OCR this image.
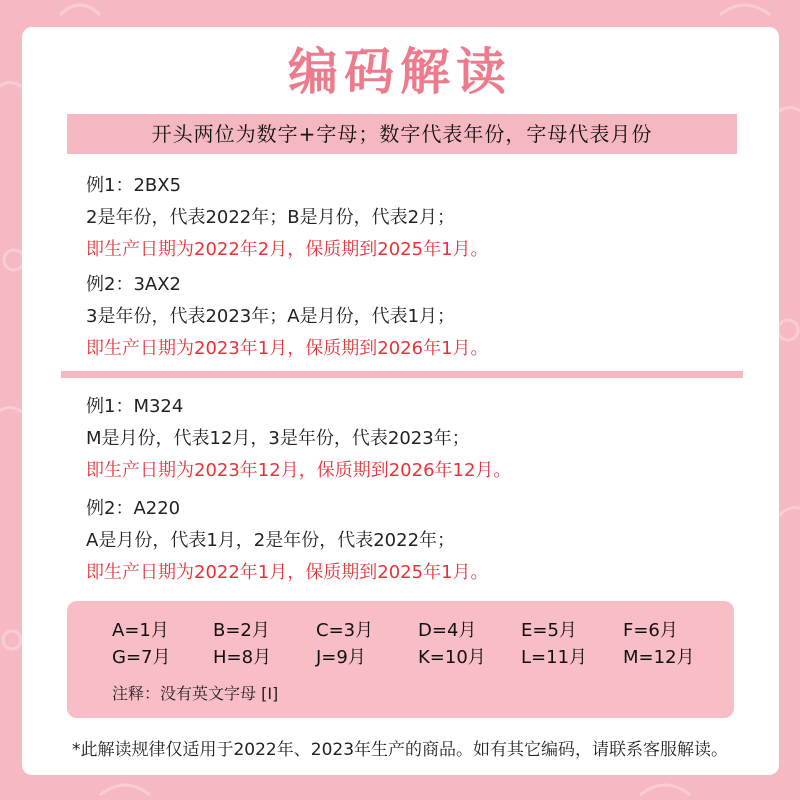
编码解读
开头两位为数字+字母；数字代表年份，字母代表月份
例1：2BX5
2是年份，代表2022年；B是月份，代表2月；
即生产日期为2022年2月，保质期到2025年1月。
例2：3AX2
3是年份，代表2023年；A是月份，代表1月；
即生产日期为2023年1月，保质期到2026年1月。
例1：M324
M是月份，代表12月，3是年份，代表2023年；
即生产日期为2023年12月，保质期到2026年12月。
例2：A220
A是月份，代表1月，2是年份，代表2022年；
即生产日期为2022年1月，保质期到2025年1月。
A=1月 B=2月	C=3月 D=4月 E=5月	F=6月
G=7月 H=8月 J=9月	K=10月 L=11月 M=12月
注释：没有英文字母 [I]
*此解读规律仅适用于2022年、2023年生产的商品。如有其它编码，请联系客服解读。
